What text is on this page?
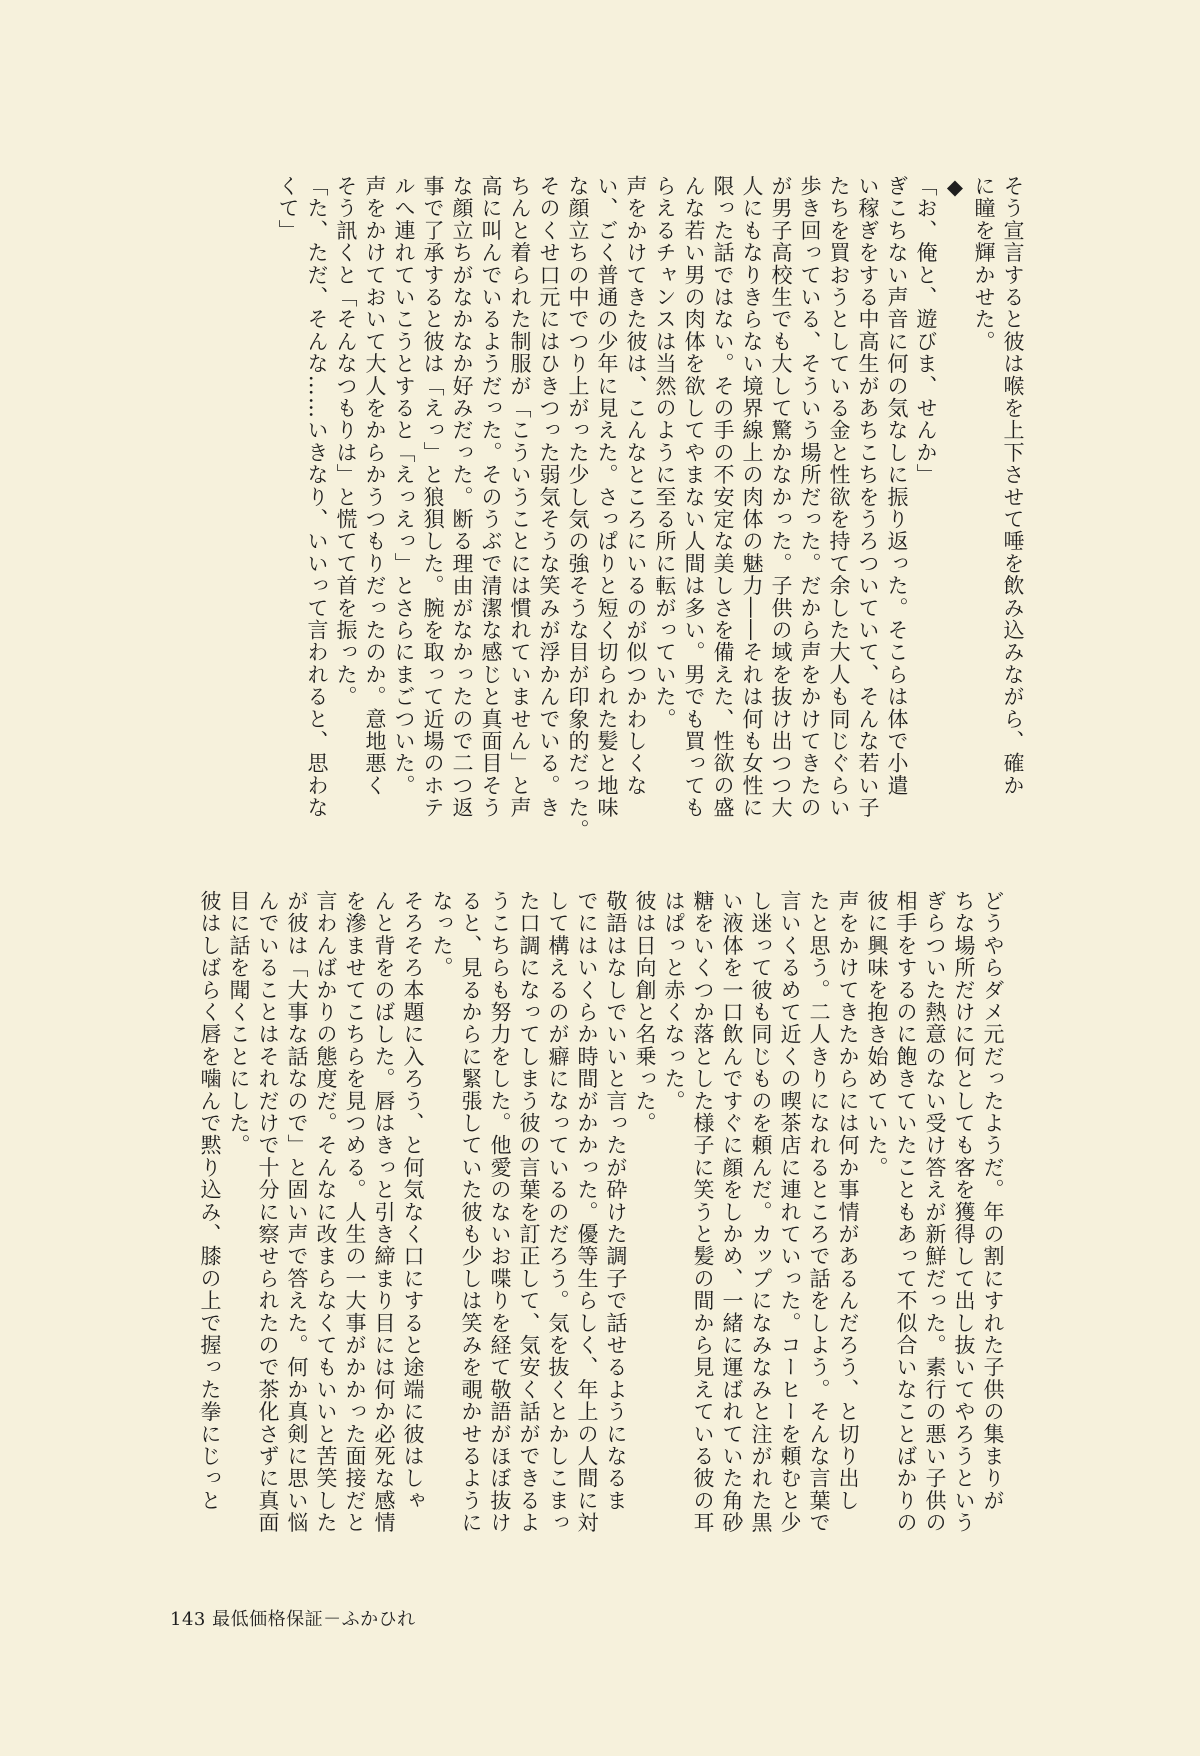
そう宣言すると彼は喉を上下させて唾を飲み込みながら、確か

に瞳を輝かせた。

◆

「お、俺と、遊びま、せんか」

ぎこちない声音に何の気なしに振り返った。そこらは体で小遣

い稼ぎをする中高生があちこちをうろついていて、そんな若い子

たちを買おうとしている金と性欲を持て余した大人も同じぐらい

歩き回っている、そういう場所だった。だから声をかけてきたの

が男子高校生でも大して驚かなかった。子供の域を抜け出つつ大

人にもなりきらない境界線上の肉体の魅力――それは何も女性に

限った話ではない。その手の不安定な美しさを備えた、性欲の盛

んな若い男の肉体を欲してやまない人間は多い。男でも買っても

らえるチャンスは当然のように至る所に転がっていた。

声をかけてきた彼は、こんなところにいるのが似つかわしくな

い、ごく普通の少年に見えた。さっぱりと短く切られた髪と地味

な顔立ちの中でつり上がった少し気の強そうな目が印象的だった。

そのくせ口元にはひきつった弱気そうな笑みが浮かんでいる。き

ちんと着られた制服が「こういうことには慣れていません」と声

高に叫んでいるようだった。そのうぶで清潔な感じと真面目そう

な顔立ちがなかなか好みだった。断る理由がなかったので二つ返

事で了承すると彼は「えっ」と狼狽した。腕を取って近場のホテ

ルへ連れていこうとすると「えっえっ」とさらにまごついた。

声をかけておいて大人をからかうつもりだったのか。意地悪く

そう訊くと「そんなつもりは」と慌てて首を振った。

「た、ただ、そんな……いきなり、いいって言われると、思わな

くて」

どうやらダメ元だったようだ。年の割にすれた子供の集まりが

ちな場所だけに何としても客を獲得して出し抜いてやろうという

ぎらついた熱意のない受け答えが新鮮だった。素行の悪い子供の

相手をするのに飽きていたこともあって不似合いなことばかりの

彼に興味を抱き始めていた。

声をかけてきたからには何か事情があるんだろう、と切り出し

たと思う。二人きりになれるところで話をしよう。そんな言葉で

言いくるめて近くの喫茶店に連れていった。コーヒーを頼むと少

し迷って彼も同じものを頼んだ。カップになみなみと注がれた黒

い液体を一口飲んですぐに顔をしかめ、一緒に運ばれていた角砂

糖をいくつか落とした様子に笑うと髪の間から見えている彼の耳

はぱっと赤くなった。

彼は日向創と名乗った。

敬語はなしでいいと言ったが砕けた調子で話せるようになるま

でにはいくらか時間がかかった。優等生らしく、年上の人間に対

して構えるのが癖になっているのだろう。気を抜くとかしこまっ

た口調になってしまう彼の言葉を訂正して、気安く話ができるよ

うこちらも努力をした。他愛のないお喋りを経て敬語がほぼ抜け

ると、見るからに緊張していた彼も少しは笑みを覗かせるように

なった。

そろそろ本題に入ろう、と何気なく口にすると途端に彼はしゃ

んと背をのばした。唇はきっと引き締まり目には何か必死な感情

を滲ませてこちらを見つめる。人生の一大事がかかった面接だと

言わんばかりの態度だ。そんなに改まらなくてもいいと苦笑した

が彼は「大事な話なので」と固い声で答えた。何か真剣に思い悩

んでいることはそれだけで十分に察せられたので茶化さずに真面

目に話を聞くことにした。

彼はしばらく唇を噛んで黙り込み、膝の上で握った拳にじっと

143 最低価格保証－ふかひれ
